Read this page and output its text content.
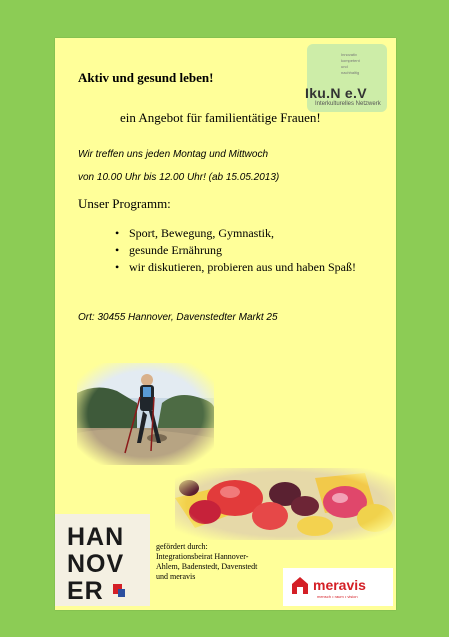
Innovativ
kompetent
und
nachhaltig
Iku.N e.V
Interkulturelles Netzwerk
Aktiv und gesund leben!
ein Angebot für familientätige Frauen!
Wir treffen uns jeden Montag und Mittwoch
von 10.00 Uhr bis 12.00 Uhr! (ab 15.05.2013)
Unser Programm:
• Sport, Bewegung, Gymnastik,
• gesunde Ernährung
• wir diskutieren, probieren aus und haben Spaß!
Ort: 30455 Hannover, Davenstedter Markt 25
HAN
NOV
ER
gefördert durch:
Integrationsbeirat Hannover-
Ahlem, Badenstedt, Davenstedt
und meravis
meravis
mensch • raum • vision
